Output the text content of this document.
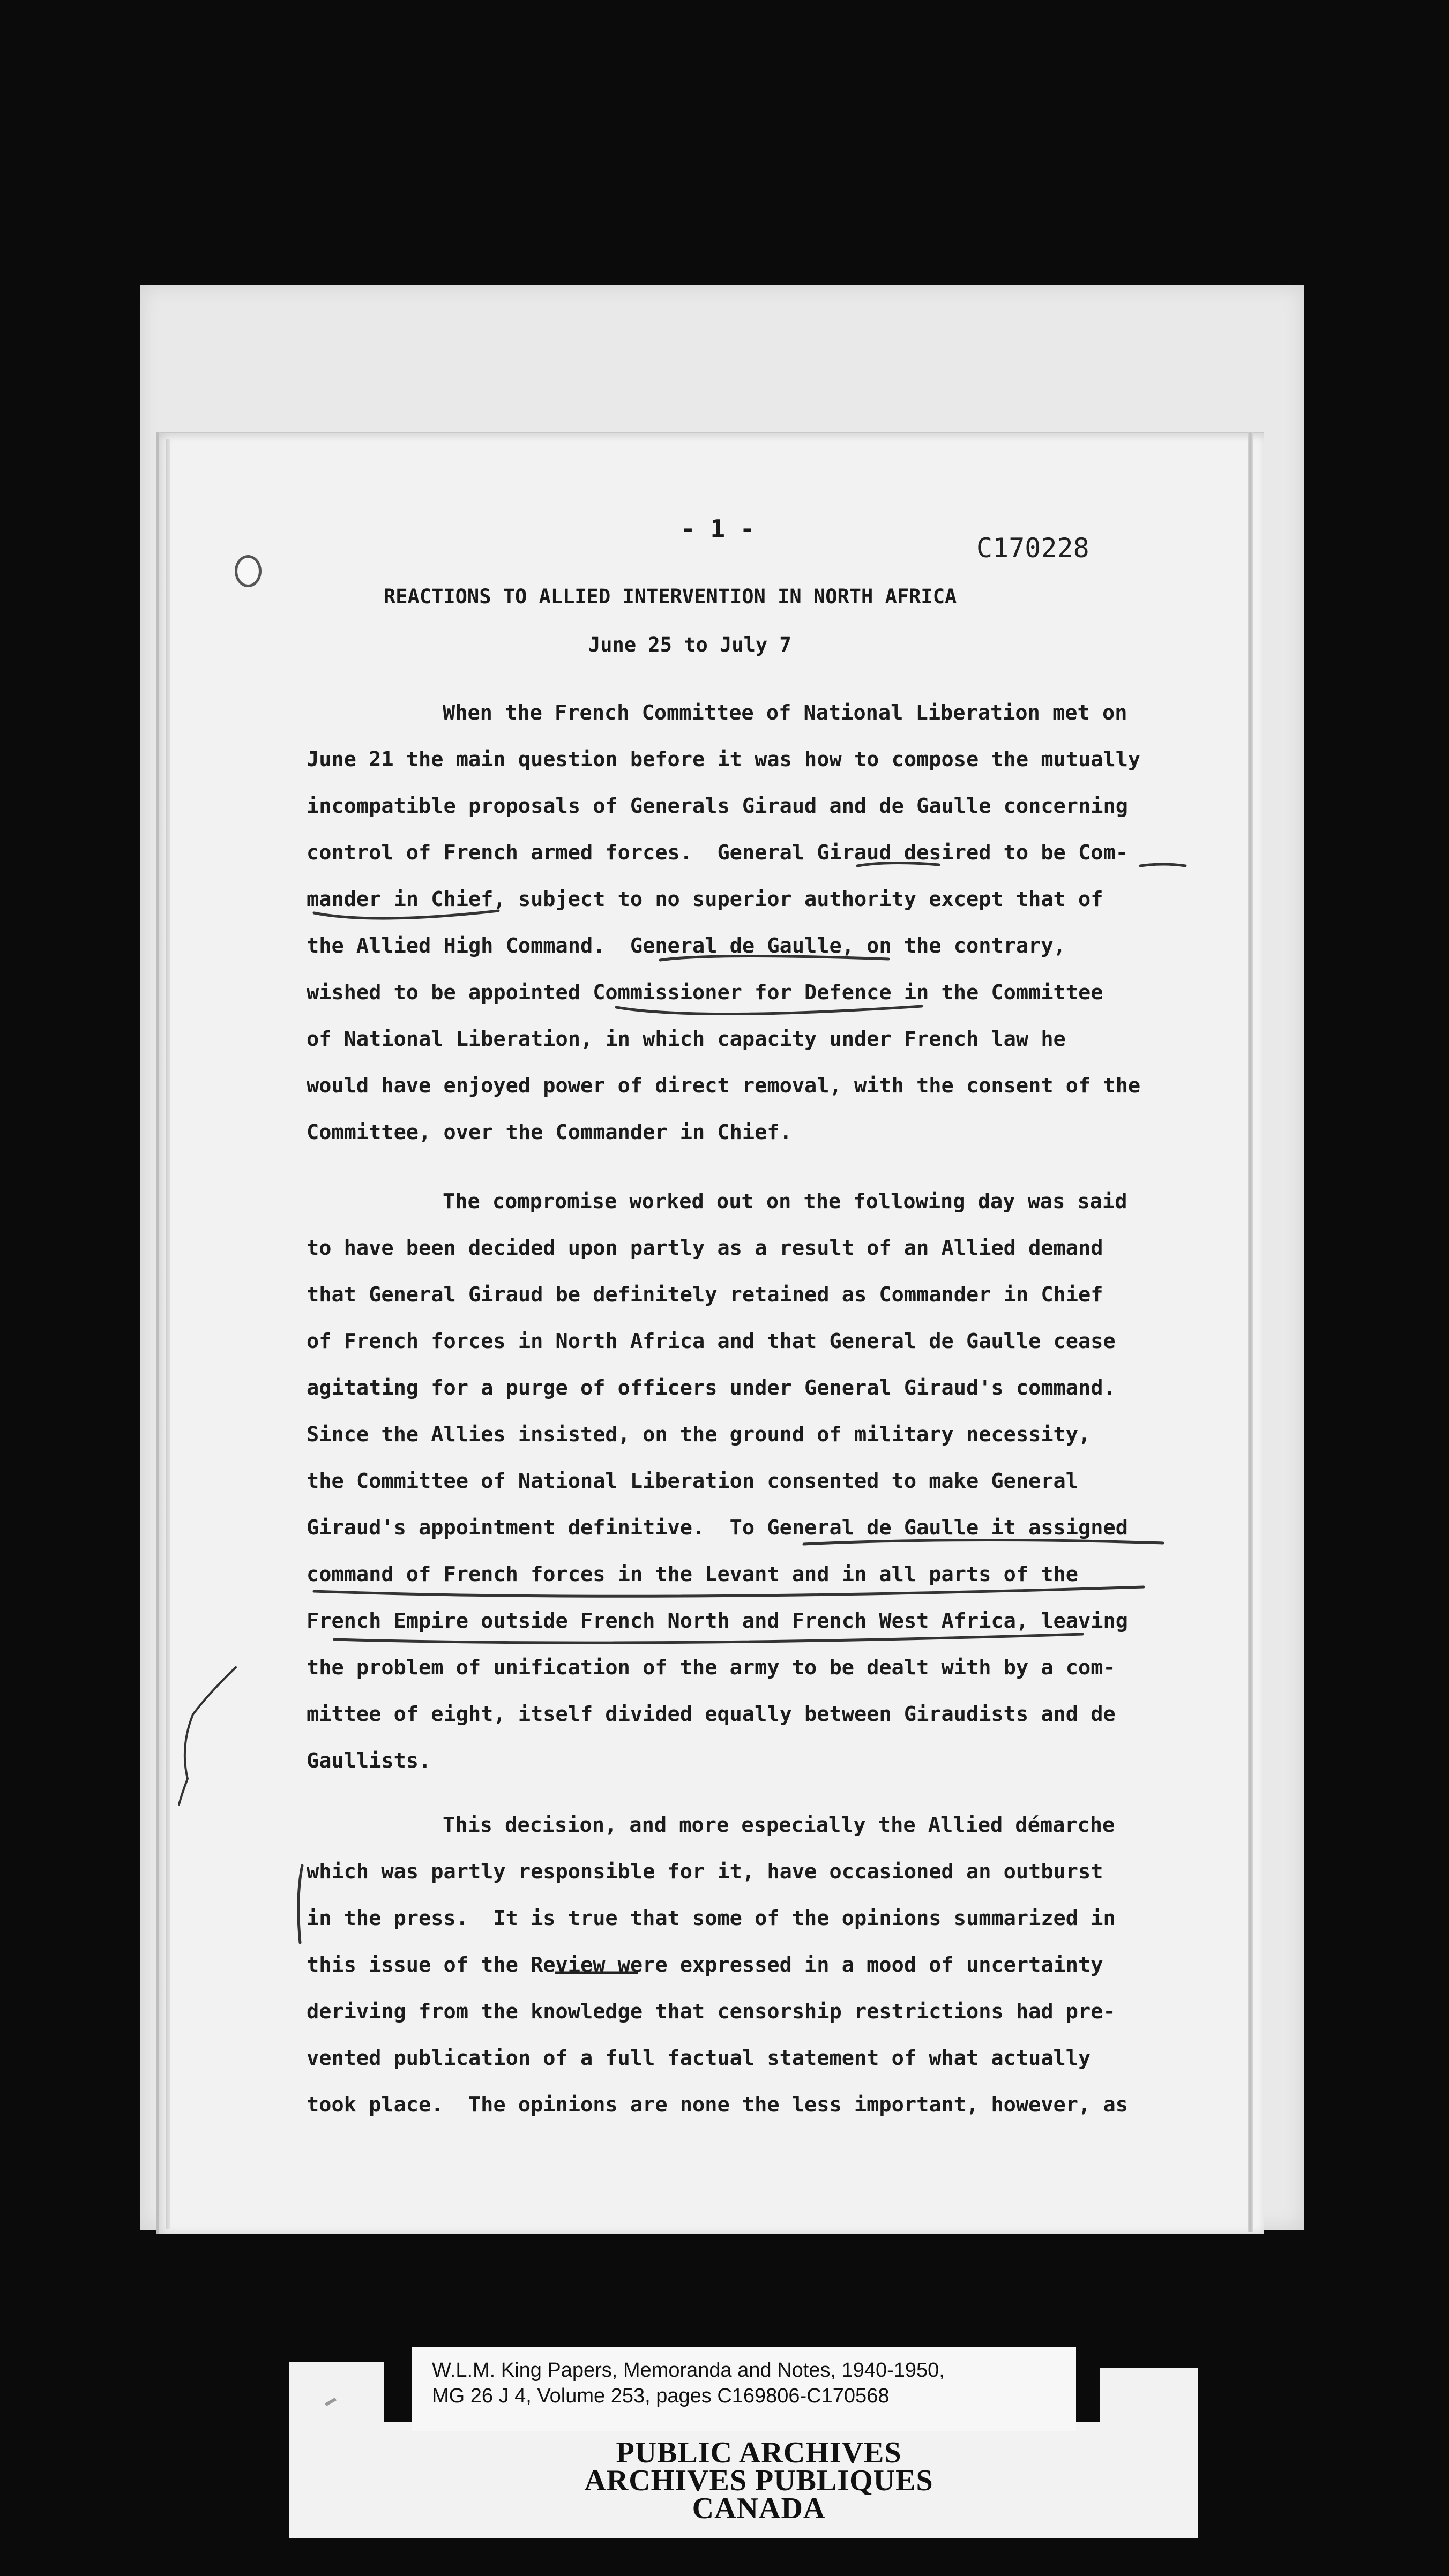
- 1 -
C170228
REACTIONS TO ALLIED INTERVENTION IN NORTH AFRICA
June 25 to July 7
When the French Committee of National Liberation met on
June 21 the main question before it was how to compose the mutually
incompatible proposals of Generals Giraud and de Gaulle concerning
control of French armed forces.  General Giraud desired to be Com-
mander in Chief, subject to no superior authority except that of
the Allied High Command.  General de Gaulle, on the contrary,
wished to be appointed Commissioner for Defence in the Committee
of National Liberation, in which capacity under French law he
would have enjoyed power of direct removal, with the consent of the
Committee, over the Commander in Chief.
The compromise worked out on the following day was said
to have been decided upon partly as a result of an Allied demand
that General Giraud be definitely retained as Commander in Chief
of French forces in North Africa and that General de Gaulle cease
agitating for a purge of officers under General Giraud's command.
Since the Allies insisted, on the ground of military necessity,
the Committee of National Liberation consented to make General
Giraud's appointment definitive.  To General de Gaulle it assigned
command of French forces in the Levant and in all parts of the
French Empire outside French North and French West Africa, leaving
the problem of unification of the army to be dealt with by a com-
mittee of eight, itself divided equally between Giraudists and de
Gaullists.
This decision, and more especially the Allied démarche
which was partly responsible for it, have occasioned an outburst
in the press.  It is true that some of the opinions summarized in
this issue of the Review were expressed in a mood of uncertainty
deriving from the knowledge that censorship restrictions had pre-
vented publication of a full factual statement of what actually
took place.  The opinions are none the less important, however, as
W.L.M. King Papers, Memoranda and Notes, 1940-1950,
MG 26 J 4, Volume 253, pages C169806-C170568
PUBLIC ARCHIVES
ARCHIVES PUBLIQUES
CANADA
